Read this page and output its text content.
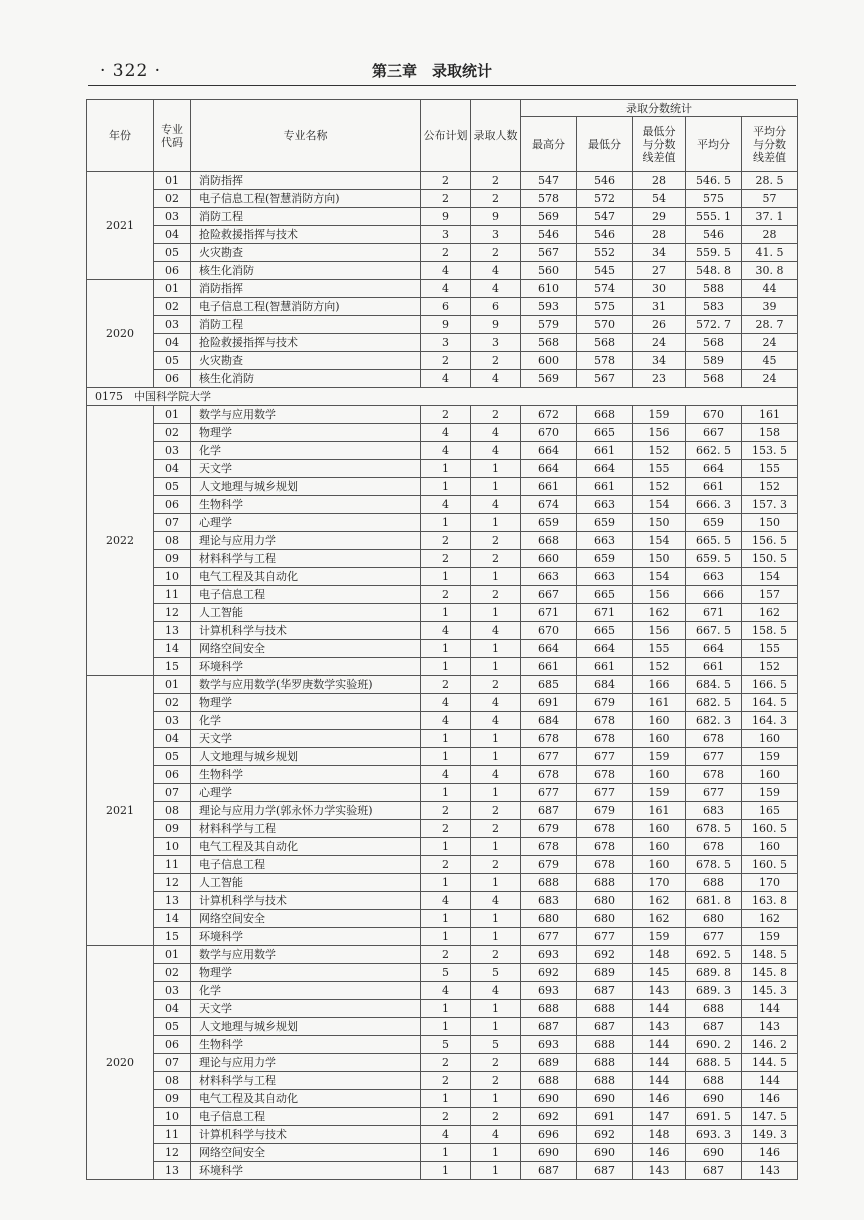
· 322 ·	第三章　录取统计
年份	专业代码	专业名称	公布计划	录取人数	录取分数统计				
					最高分	最低分	最低分与分数线差值	平均分	平均分与分数线差值
2021	01	消防指挥	2	2	547	546	28	546. 5	28. 5
	02	电子信息工程(智慧消防方向)	2	2	578	572	54	575	57
	03	消防工程	9	9	569	547	29	555. 1	37. 1
	04	抢险救援指挥与技术	3	3	546	546	28	546	28
	05	火灾勘查	2	2	567	552	34	559. 5	41. 5
	06	核生化消防	4	4	560	545	27	548. 8	30. 8
2020	01	消防指挥	4	4	610	574	30	588	44
	02	电子信息工程(智慧消防方向)	6	6	593	575	31	583	39
	03	消防工程	9	9	579	570	26	572. 7	28. 7
	04	抢险救援指挥与技术	3	3	568	568	24	568	24
	05	火灾勘查	2	2	600	578	34	589	45
	06	核生化消防	4	4	569	567	23	568	24
0175　中国科学院大学									
2022	01	数学与应用数学	2	2	672	668	159	670	161
	02	物理学	4	4	670	665	156	667	158
	03	化学	4	4	664	661	152	662. 5	153. 5
	04	天文学	1	1	664	664	155	664	155
	05	人文地理与城乡规划	1	1	661	661	152	661	152
	06	生物科学	4	4	674	663	154	666. 3	157. 3
	07	心理学	1	1	659	659	150	659	150
	08	理论与应用力学	2	2	668	663	154	665. 5	156. 5
	09	材料科学与工程	2	2	660	659	150	659. 5	150. 5
	10	电气工程及其自动化	1	1	663	663	154	663	154
	11	电子信息工程	2	2	667	665	156	666	157
	12	人工智能	1	1	671	671	162	671	162
	13	计算机科学与技术	4	4	670	665	156	667. 5	158. 5
	14	网络空间安全	1	1	664	664	155	664	155
	15	环境科学	1	1	661	661	152	661	152
2021	01	数学与应用数学(华罗庚数学实验班)	2	2	685	684	166	684. 5	166. 5
	02	物理学	4	4	691	679	161	682. 5	164. 5
	03	化学	4	4	684	678	160	682. 3	164. 3
	04	天文学	1	1	678	678	160	678	160
	05	人文地理与城乡规划	1	1	677	677	159	677	159
	06	生物科学	4	4	678	678	160	678	160
	07	心理学	1	1	677	677	159	677	159
	08	理论与应用力学(郭永怀力学实验班)	2	2	687	679	161	683	165
	09	材料科学与工程	2	2	679	678	160	678. 5	160. 5
	10	电气工程及其自动化	1	1	678	678	160	678	160
	11	电子信息工程	2	2	679	678	160	678. 5	160. 5
	12	人工智能	1	1	688	688	170	688	170
	13	计算机科学与技术	4	4	683	680	162	681. 8	163. 8
	14	网络空间安全	1	1	680	680	162	680	162
	15	环境科学	1	1	677	677	159	677	159
2020	01	数学与应用数学	2	2	693	692	148	692. 5	148. 5
	02	物理学	5	5	692	689	145	689. 8	145. 8
	03	化学	4	4	693	687	143	689. 3	145. 3
	04	天文学	1	1	688	688	144	688	144
	05	人文地理与城乡规划	1	1	687	687	143	687	143
	06	生物科学	5	5	693	688	144	690. 2	146. 2
	07	理论与应用力学	2	2	689	688	144	688. 5	144. 5
	08	材料科学与工程	2	2	688	688	144	688	144
	09	电气工程及其自动化	1	1	690	690	146	690	146
	10	电子信息工程	2	2	692	691	147	691. 5	147. 5
	11	计算机科学与技术	4	4	696	692	148	693. 3	149. 3
	12	网络空间安全	1	1	690	690	146	690	146
	13	环境科学	1	1	687	687	143	687	143
